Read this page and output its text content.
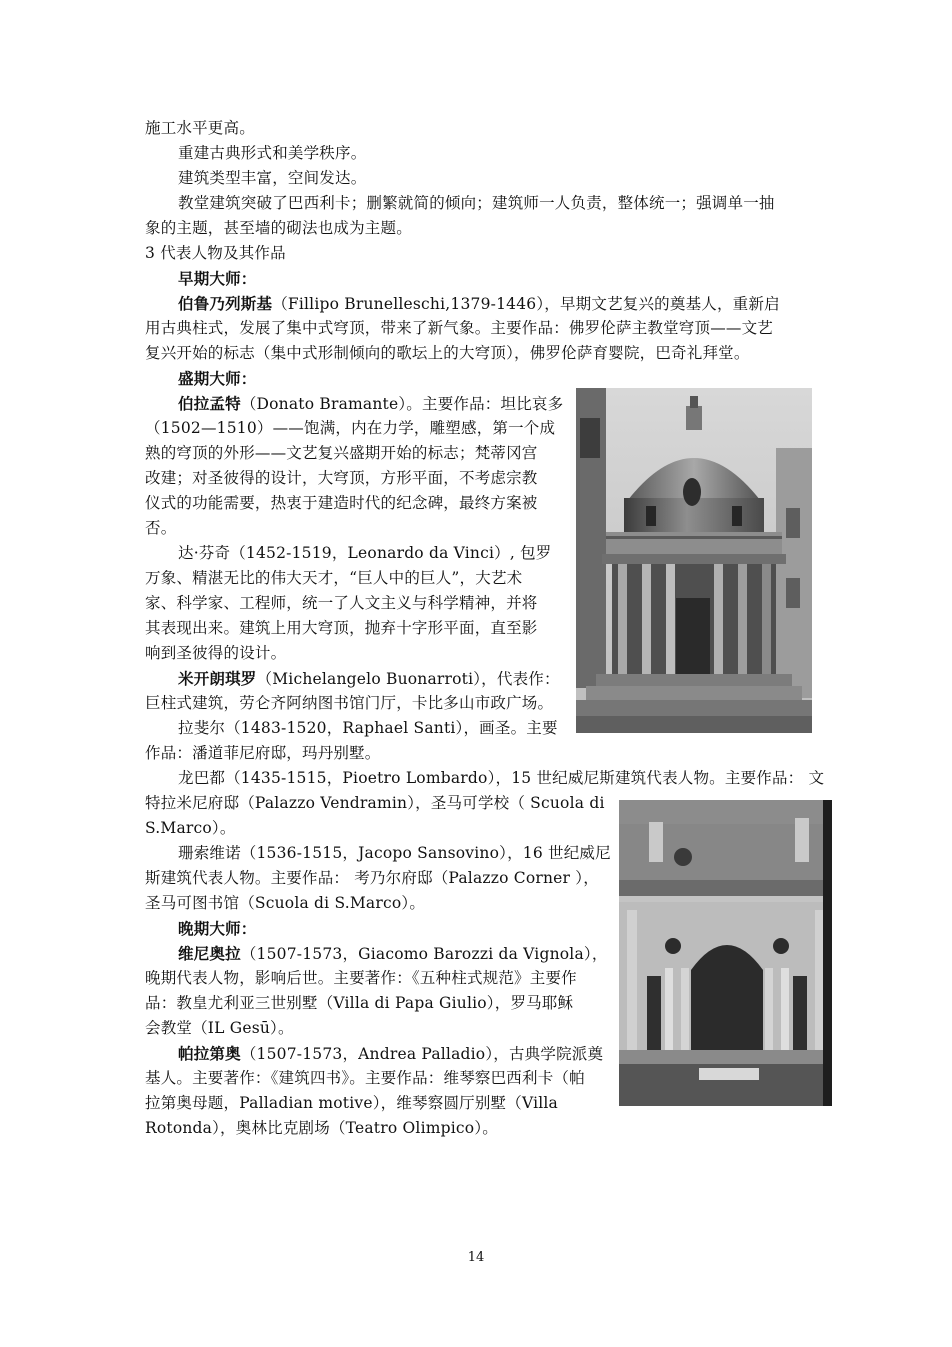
施工水平更高。
重建古典形式和美学秩序。
建筑类型丰富，空间发达。
教堂建筑突破了巴西利卡；删繁就简的倾向；建筑师一人负责，整体统一；强调单一抽
象的主题，甚至墙的砌法也成为主题。
3 代表人物及其作品
早期大师：
伯鲁乃列斯基（Fillipo Brunelleschi,1379-1446），早期文艺复兴的奠基人，重新启
用古典柱式，发展了集中式穹顶，带来了新气象。主要作品：佛罗伦萨主教堂穹顶——文艺
复兴开始的标志（集中式形制倾向的歌坛上的大穹顶），佛罗伦萨育婴院，巴奇礼拜堂。
盛期大师：
伯拉孟特（Donato Bramante）。主要作品：坦比哀多
（1502—1510）——饱满，内在力学，雕塑感，第一个成
熟的穹顶的外形——文艺复兴盛期开始的标志；梵蒂冈宫
改建；对圣彼得的设计，大穹顶，方形平面，不考虑宗教
仪式的功能需要，热衷于建造时代的纪念碑，最终方案被
否。
达·芬奇（1452-1519，Leonardo da Vinci）, 包罗
万象、精湛无比的伟大天才，“巨人中的巨人”，大艺术
家、科学家、工程师，统一了人文主义与科学精神，并将
其表现出来。建筑上用大穹顶，抛弃十字形平面，直至影
响到圣彼得的设计。
米开朗琪罗（Michelangelo Buonarroti），代表作：
巨柱式建筑，劳仑齐阿纳图书馆门厅，卡比多山市政广场。
拉斐尔（1483-1520，Raphael Santi），画圣。主要
作品：潘道菲尼府邸，玛丹别墅。
龙巴都（1435-1515，Pioetro Lombardo），15 世纪威尼斯建筑代表人物。主要作品： 文
特拉米尼府邸（Palazzo Vendramin），圣马可学校（ Scuola di
S.Marco）。
珊索维诺（1536-1515，Jacopo Sansovino），16 世纪威尼
斯建筑代表人物。主要作品： 考乃尔府邸（Palazzo Corner ），
圣马可图书馆（Scuola di S.Marco）。
晚期大师：
维尼奥拉（1507-1573，Giacomo Barozzi da Vignola），
晚期代表人物，影响后世。主要著作：《五种柱式规范》主要作
品：教皇尤利亚三世别墅（Villa di Papa Giulio），罗马耶稣
会教堂（IL Gesū）。
帕拉第奥（1507-1573，Andrea Palladio），古典学院派奠
基人。主要著作：《建筑四书》。主要作品：维琴察巴西利卡（帕
拉第奥母题，Palladian motive），维琴察圆厅别墅（Villa
Rotonda），奥林比克剧场（Teatro Olimpico）。
14
